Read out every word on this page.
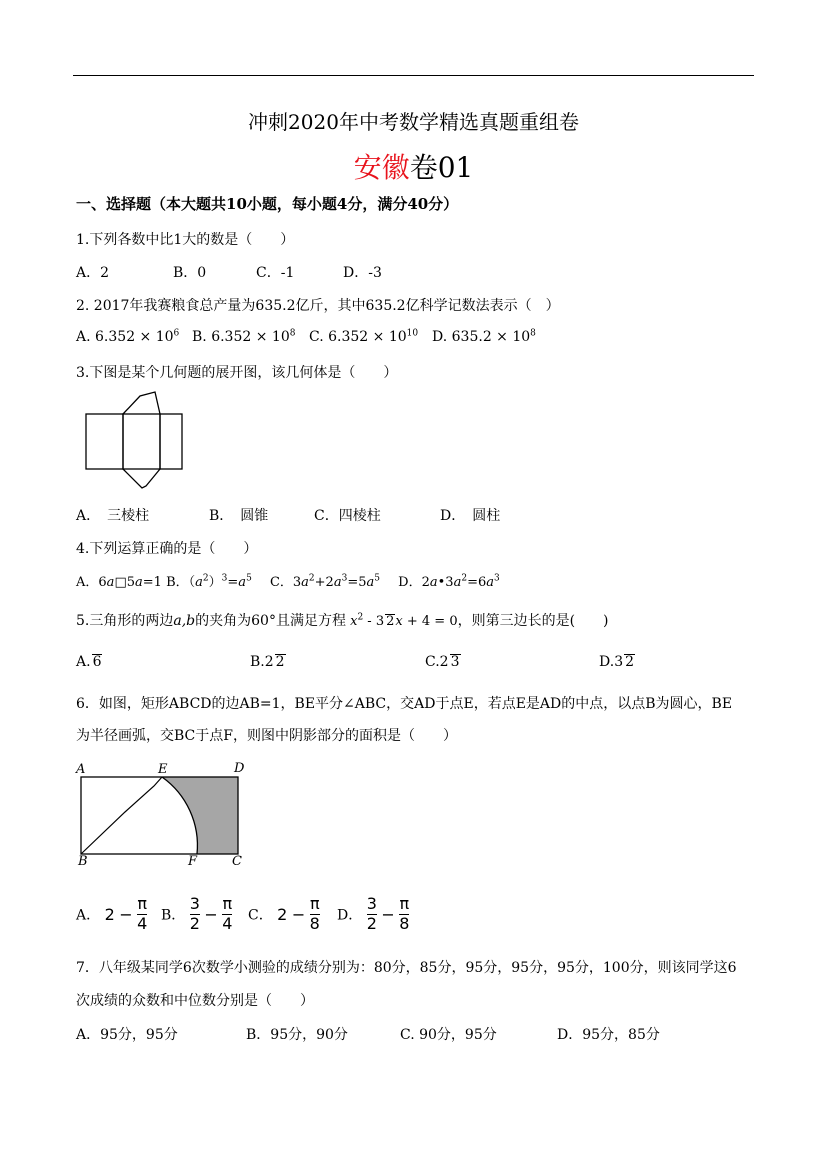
冲刺2020年中考数学精选真题重组卷
安徽卷01
一、选择题（本大题共10小题，每小题4分，满分40分）
1.下列各数中比1大的数是（　　）
A．2	B．0	C．-1	D．-3
2. 2017年我赛粮食总产量为635.2亿斤，其中635.2亿科学记数法表示（　）
A. $6.352 \times 10^6$ B. $6.352 \times 10^8$ C. $6.352 \times 10^{10}$ D. $635.2 \times 10^8$
3.下图是某个几何题的展开图，该几何体是（　　）
A．　三棱柱	B．　圆锥	C．四棱柱	D．　圆柱
4.下列运算正确的是（　　）
A．6a□5a=1 B．$(a^2)^3=a^5$ C．$3a^2+2a^3=5a^5$ D．$2a•3a^2=6a^3$
5.三角形的两边a,b的夹角为60°且满足方程 $x^2 - 3$ 2x + 4 = 0，则第三边长的是(　　)
A. 6	B.2 2	C.2 3	D.3 2
6．如图，矩形ABCD的边AB=1，BE平分∠ABC，交AD于点E，若点E是AD的中点，以点B为圆心，BE
为半径画弧，交BC于点F，则图中阴影部分的面积是（　　）
A	E	D
B	F	C
A． $2 - \frac{\pi}{4}$ B． $\frac{3}{2} - \frac{\pi}{4}$ C． $2 - \frac{\pi}{8}$ D． $\frac{3}{2} - \frac{\pi}{8}$
7．八年级某同学6次数学小测验的成绩分别为：80分，85分，95分，95分，95分，100分，则该同学这6
次成绩的众数和中位数分别是（　　）
A．95分，95分	B．95分，90分	C. 90分，95分	D．95分，85分
